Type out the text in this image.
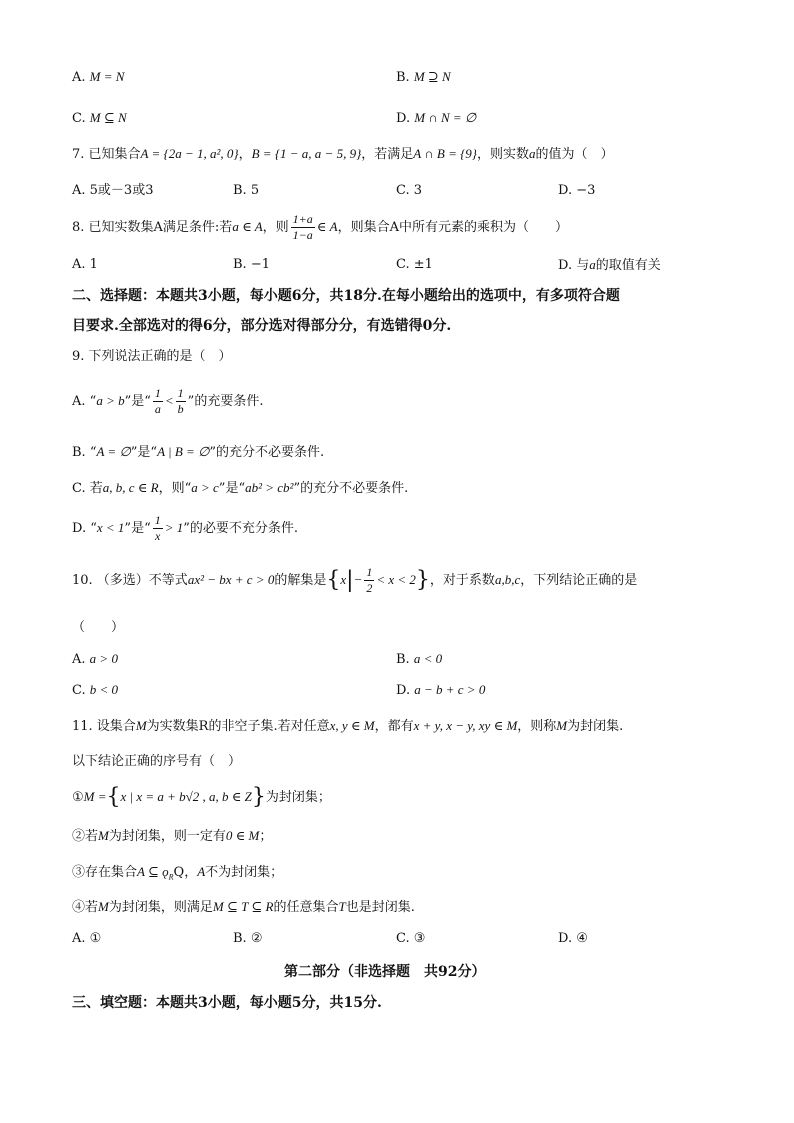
A. M = N	B. M ⊇ N
C. M ⊆ N	D. M ∩ N = ∅
7. 已知集合A = {2a − 1, a², 0}，B = {1 − a, a − 5, 9}，若满足A ∩ B = {9}，则实数a的值为（　）
A. 5或－3或3	B. 5	C. 3	D. −3
8. 已知实数集A满足条件:若a ∈ A，则 $\frac{1+a}{1-a}$ ∈ A，则集合A中所有元素的乘积为（　　）
A. 1	B. −1	C. ±1	D. 与a的取值有关
二、选择题：本题共3小题，每小题6分，共18分.在每小题给出的选项中，有多项符合题
目要求.全部选对的得6分，部分选对得部分分，有选错得0分.
9. 下列说法正确的是（　）
A. “a > b”是“ $\frac{1}{a} < \frac{1}{b}$ ”的充要条件.
B. “A = ∅”是“A | B = ∅”的充分不必要条件.
C. 若a, b, c ∈ R，则“a > c”是“ab² > cb²”的充分不必要条件.
D. “x < 1”是“ $\frac{1}{x} > 1$”的必要不充分条件.
10. （多选）不等式ax² − bx + c > 0的解集是$\{x|- \frac{1}{2} < x < 2\}$，对于系数a,b,c，下列结论正确的是
（　　）
A. a > 0	B. a < 0
C. b < 0	D. a − b + c > 0
11. 设集合M为实数集R的非空子集.若对任意x, y ∈ M，都有x + y, x − y, xy ∈ M，则称M为封闭集.
以下结论正确的序号有（　）
①M ={x | x = a + b√2 , a, b ∈ Z}为封闭集；
②若M为封闭集，则一定有0 ∈ M；
③存在集合A ⊆ $ǫ_RQ$，A不为封闭集；
④若M为封闭集，则满足M ⊆ T ⊆ R的任意集合T也是封闭集.
A. ①	B. ②	C. ③	D. ④
第二部分（非选择题　共92分）
三、填空题：本题共3小题，每小题5分，共15分.
